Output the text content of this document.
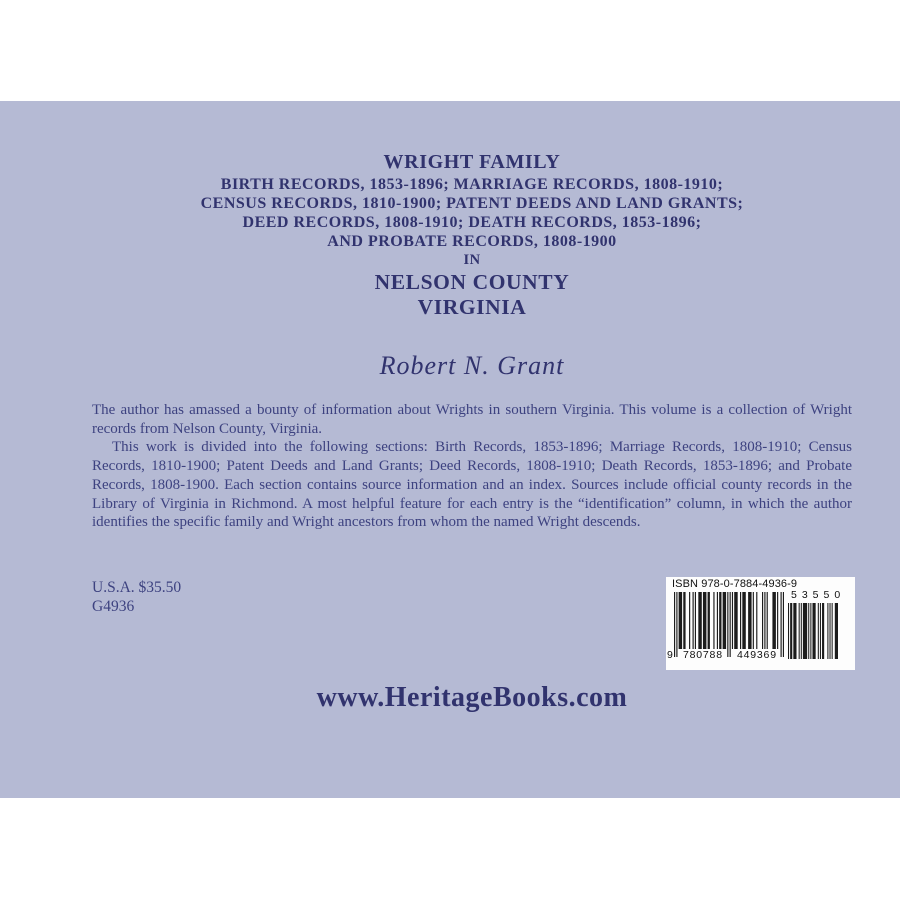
WRIGHT FAMILY
BIRTH RECORDS, 1853-1896; MARRIAGE RECORDS, 1808-1910;
CENSUS RECORDS, 1810-1900; PATENT DEEDS AND LAND GRANTS;
DEED RECORDS, 1808-1910; DEATH RECORDS, 1853-1896;
AND PROBATE RECORDS, 1808-1900
IN
NELSON COUNTY
VIRGINIA
Robert N. Grant

The author has amassed a bounty of information about Wrights in southern Virginia. This volume is a collection of Wright records from Nelson County, Virginia.

This work is divided into the following sections: Birth Records, 1853-1896; Marriage Records, 1808-1910; Census Records, 1810-1900; Patent Deeds and Land Grants; Deed Records, 1808-1910; Death Records, 1853-1896; and Probate Records, 1808-1900. Each section contains source information and an index. Sources include official county records in the Library of Virginia in Richmond. A most helpful feature for each entry is the “identification” column, in which the author identifies the specific family and Wright ancestors from whom the named Wright descends.

U.S.A. $35.50
G4936
www.HeritageBooks.com
ISBN 978-0-7884-4936-9
9 780788 449369
53550
